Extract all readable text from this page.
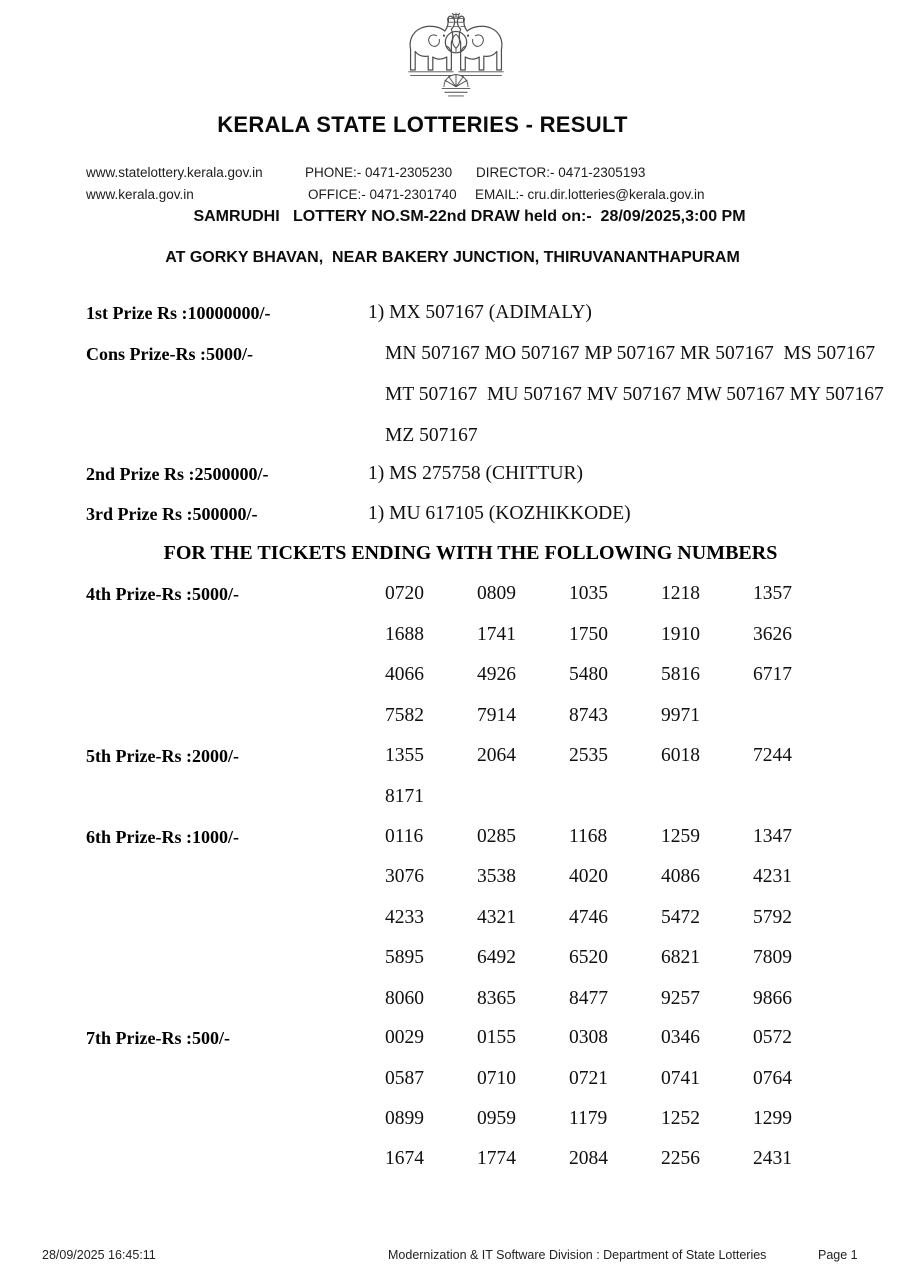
KERALA STATE LOTTERIES - RESULT
www.statelottery.kerala.gov.in	PHONE:- 0471-2305230 DIRECTOR:- 0471-2305193
www.kerala.gov.in	OFFICE:- 0471-2301740 EMAIL:- cru.dir.lotteries@kerala.gov.in
SAMRUDHI   LOTTERY NO.SM-22nd DRAW held on:-  28/09/2025,3:00 PM
AT GORKY BHAVAN,  NEAR BAKERY JUNCTION, THIRUVANANTHAPURAM
1st Prize Rs :10000000/-	1) MX 507167 (ADIMALY)
Cons Prize-Rs :5000/-	MN 507167 MO 507167 MP 507167 MR 507167  MS 507167
MT 507167  MU 507167 MV 507167 MW 507167 MY 507167
MZ 507167
2nd Prize Rs :2500000/-	1) MS 275758 (CHITTUR)
3rd Prize Rs :500000/-	1) MU 617105 (KOZHIKKODE)
FOR THE TICKETS ENDING WITH THE FOLLOWING NUMBERS
4th Prize-Rs :5000/-	0720	0809	1035	1218	1357
1688	1741	1750	1910	3626
4066	4926	5480	5816	6717
7582	7914	8743	9971
5th Prize-Rs :2000/-	1355	2064	2535	6018	7244
8171
6th Prize-Rs :1000/-	0116	0285	1168	1259	1347
3076	3538	4020	4086	4231
4233	4321	4746	5472	5792
5895	6492	6520	6821	7809
8060	8365	8477	9257	9866
7th Prize-Rs :500/-	0029	0155	0308	0346	0572
0587	0710	0721	0741	0764
0899	0959	1179	1252	1299
1674	1774	2084	2256	2431
28/09/2025 16:45:11	Modernization & IT Software Division : Department of State Lotteries	Page 1
